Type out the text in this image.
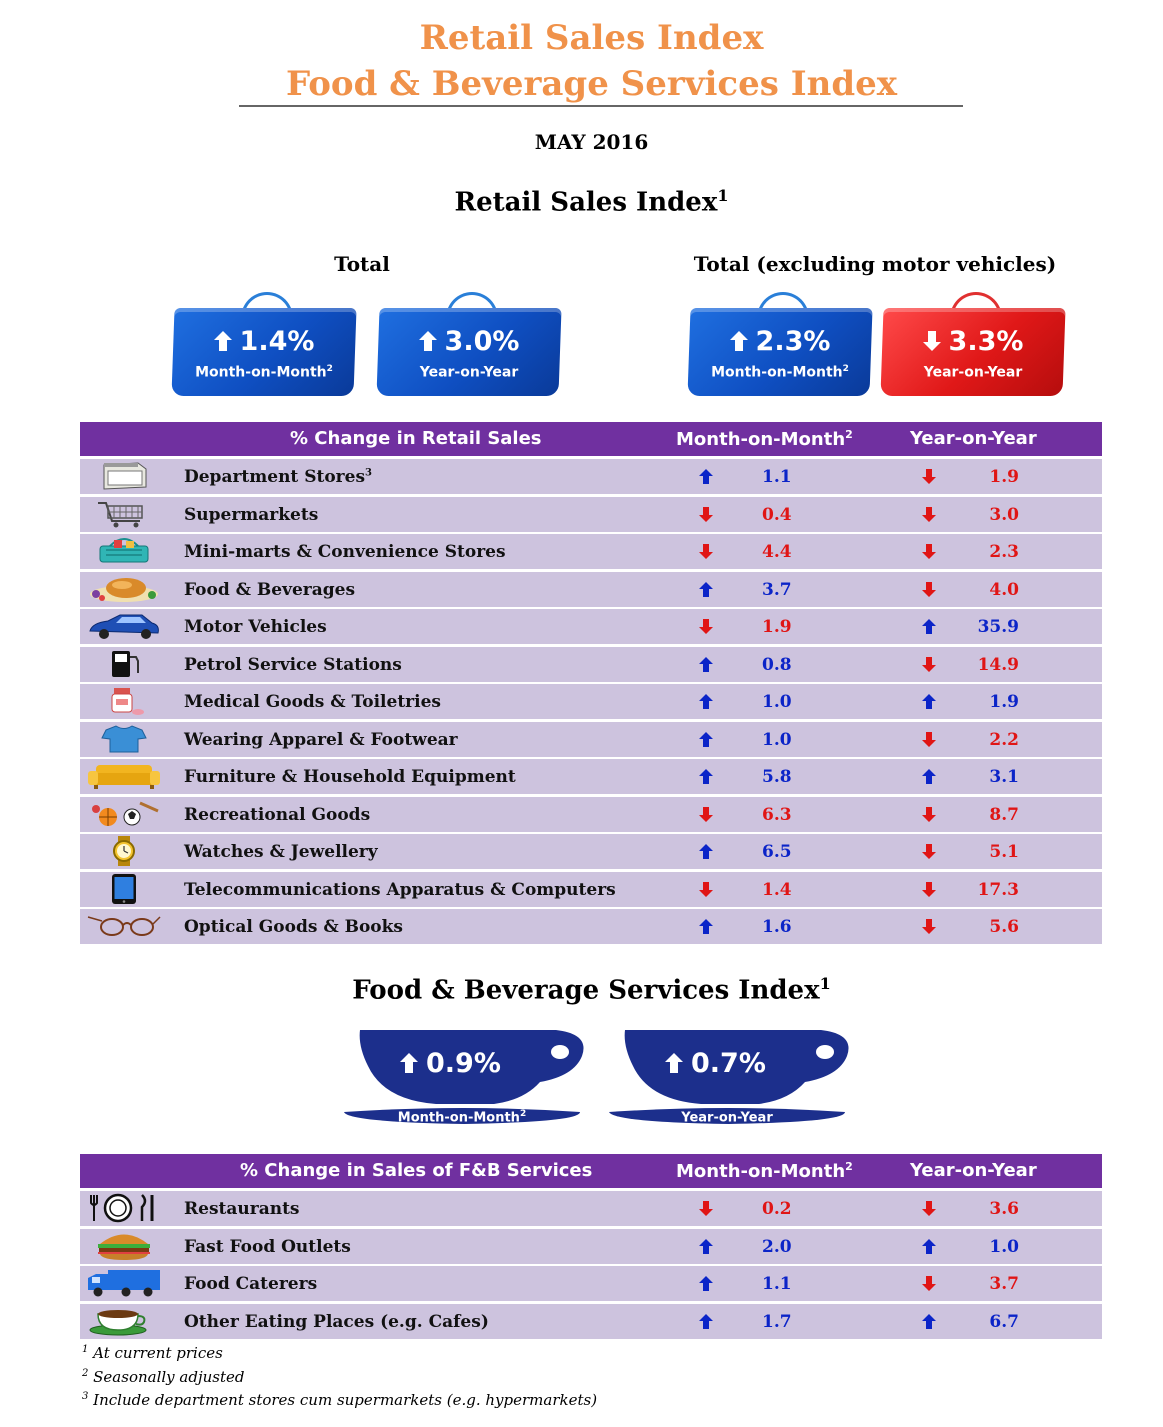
Retail Sales Index
Food & Beverage Services Index
MAY 2016
Retail Sales Index$^1$
Total	Total (excluding motor vehicles)
1.4%
Month-on-Month$^2$
3.0%
Year-on-Year
2.3%
Month-on-Month$^2$
3.3%
Year-on-Year
% Change in Retail Sales	Month-on-Month$^2$	Year-on-Year
Department Stores$^3$	1.1	1.9
Supermarkets	0.4	3.0
Mini-marts & Convenience Stores	4.4	2.3
Food & Beverages	3.7	4.0
Motor Vehicles	1.9	35.9
Petrol Service Stations	0.8	14.9
Medical Goods & Toiletries	1.0	1.9
Wearing Apparel & Footwear	1.0	2.2
Furniture & Household Equipment	5.8	3.1
Recreational Goods	6.3	8.7
Watches & Jewellery	6.5	5.1
Telecommunications Apparatus & Computers	1.4	17.3
Optical Goods & Books	1.6	5.6
Food & Beverage Services Index$^1$
0.9%
Month-on-Month$^2$
0.7%
Year-on-Year
% Change in Sales of F&B Services	Month-on-Month$^2$	Year-on-Year
Restaurants	0.2	3.6
Fast Food Outlets	2.0	1.0
Food Caterers	1.1	3.7
Other Eating Places (e.g. Cafes)	1.7	6.7
$^1$ At current prices
$^2$ Seasonally adjusted
$^3$ Include department stores cum supermarkets (e.g. hypermarkets)
